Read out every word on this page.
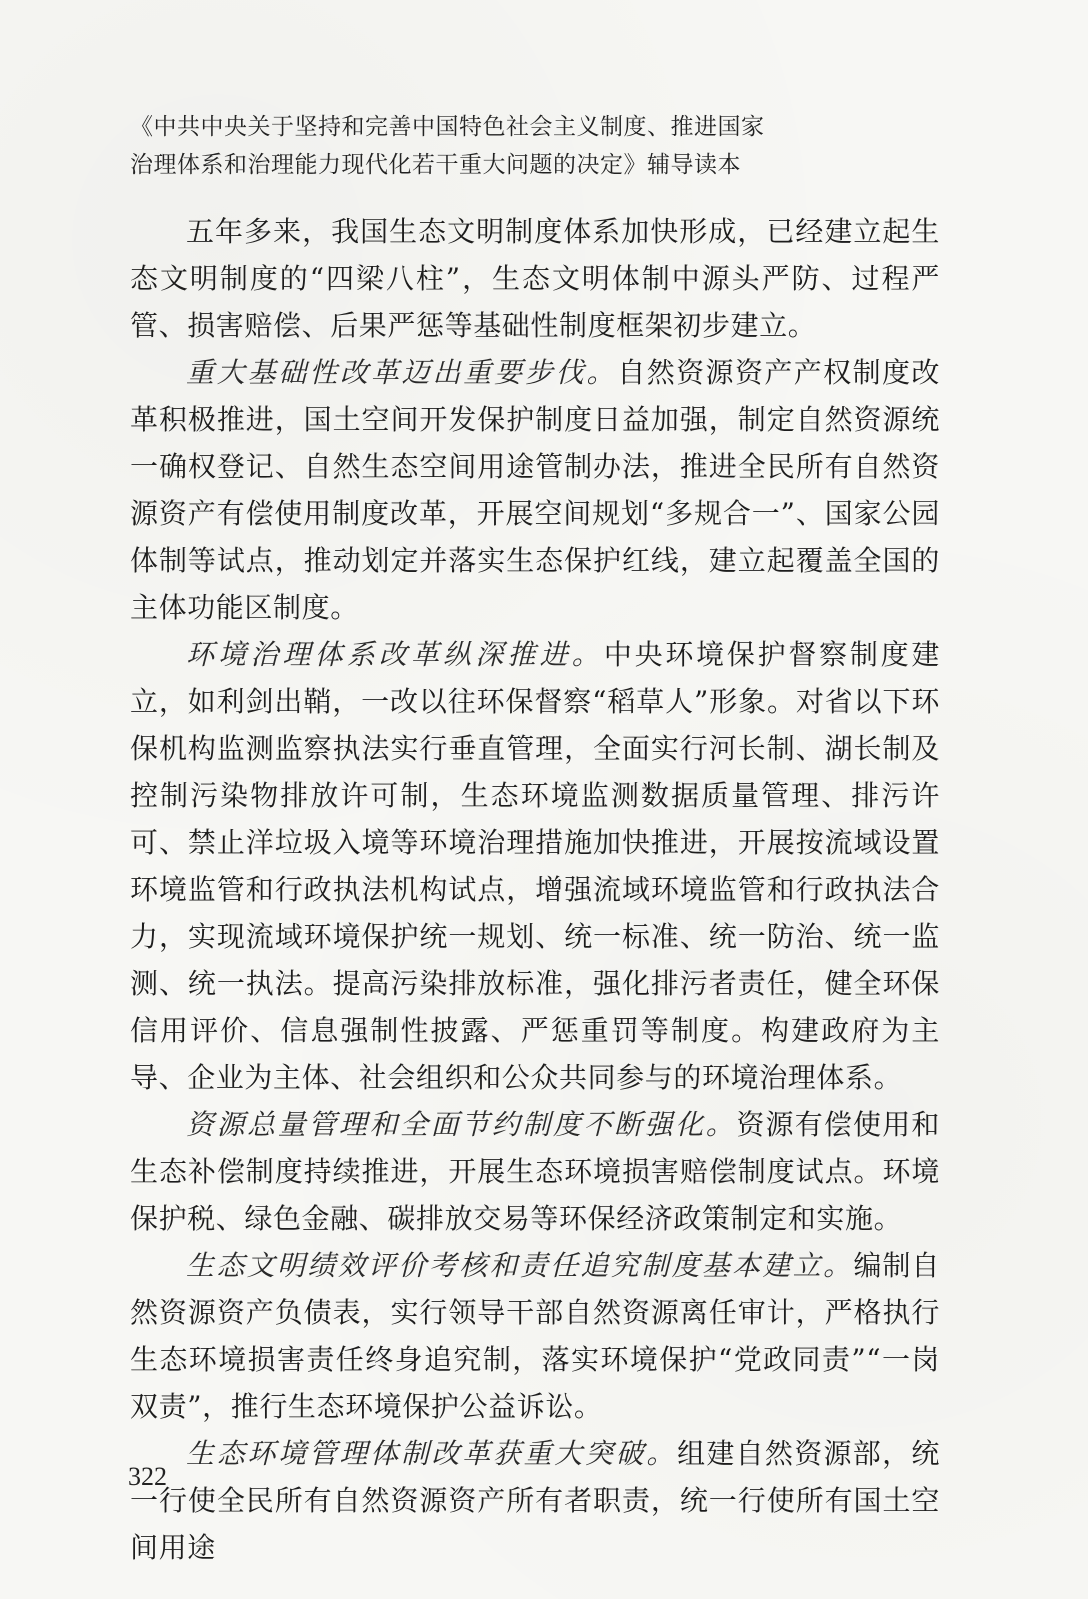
《中共中央关于坚持和完善中国特色社会主义制度、推进国家
治理体系和治理能力现代化若干重大问题的决定》辅导读本

五年多来，我国生态文明制度体系加快形成，已经建立起生态文明制度的“四梁八柱”，生态文明体制中源头严防、过程严管、损害赔偿、后果严惩等基础性制度框架初步建立。

重大基础性改革迈出重要步伐。自然资源资产产权制度改革积极推进，国土空间开发保护制度日益加强，制定自然资源统一确权登记、自然生态空间用途管制办法，推进全民所有自然资源资产有偿使用制度改革，开展空间规划“多规合一”、国家公园体制等试点，推动划定并落实生态保护红线，建立起覆盖全国的主体功能区制度。

环境治理体系改革纵深推进。中央环境保护督察制度建立，如利剑出鞘，一改以往环保督察“稻草人”形象。对省以下环保机构监测监察执法实行垂直管理，全面实行河长制、湖长制及控制污染物排放许可制，生态环境监测数据质量管理、排污许可、禁止洋垃圾入境等环境治理措施加快推进，开展按流域设置环境监管和行政执法机构试点，增强流域环境监管和行政执法合力，实现流域环境保护统一规划、统一标准、统一防治、统一监测、统一执法。提高污染排放标准，强化排污者责任，健全环保信用评价、信息强制性披露、严惩重罚等制度。构建政府为主导、企业为主体、社会组织和公众共同参与的环境治理体系。

资源总量管理和全面节约制度不断强化。资源有偿使用和生态补偿制度持续推进，开展生态环境损害赔偿制度试点。环境保护税、绿色金融、碳排放交易等环保经济政策制定和实施。

生态文明绩效评价考核和责任追究制度基本建立。编制自然资源资产负债表，实行领导干部自然资源离任审计，严格执行生态环境损害责任终身追究制，落实环境保护“党政同责”“一岗双责”，推行生态环境保护公益诉讼。

生态环境管理体制改革获重大突破。组建自然资源部，统一行使全民所有自然资源资产所有者职责，统一行使所有国土空间用途

322
